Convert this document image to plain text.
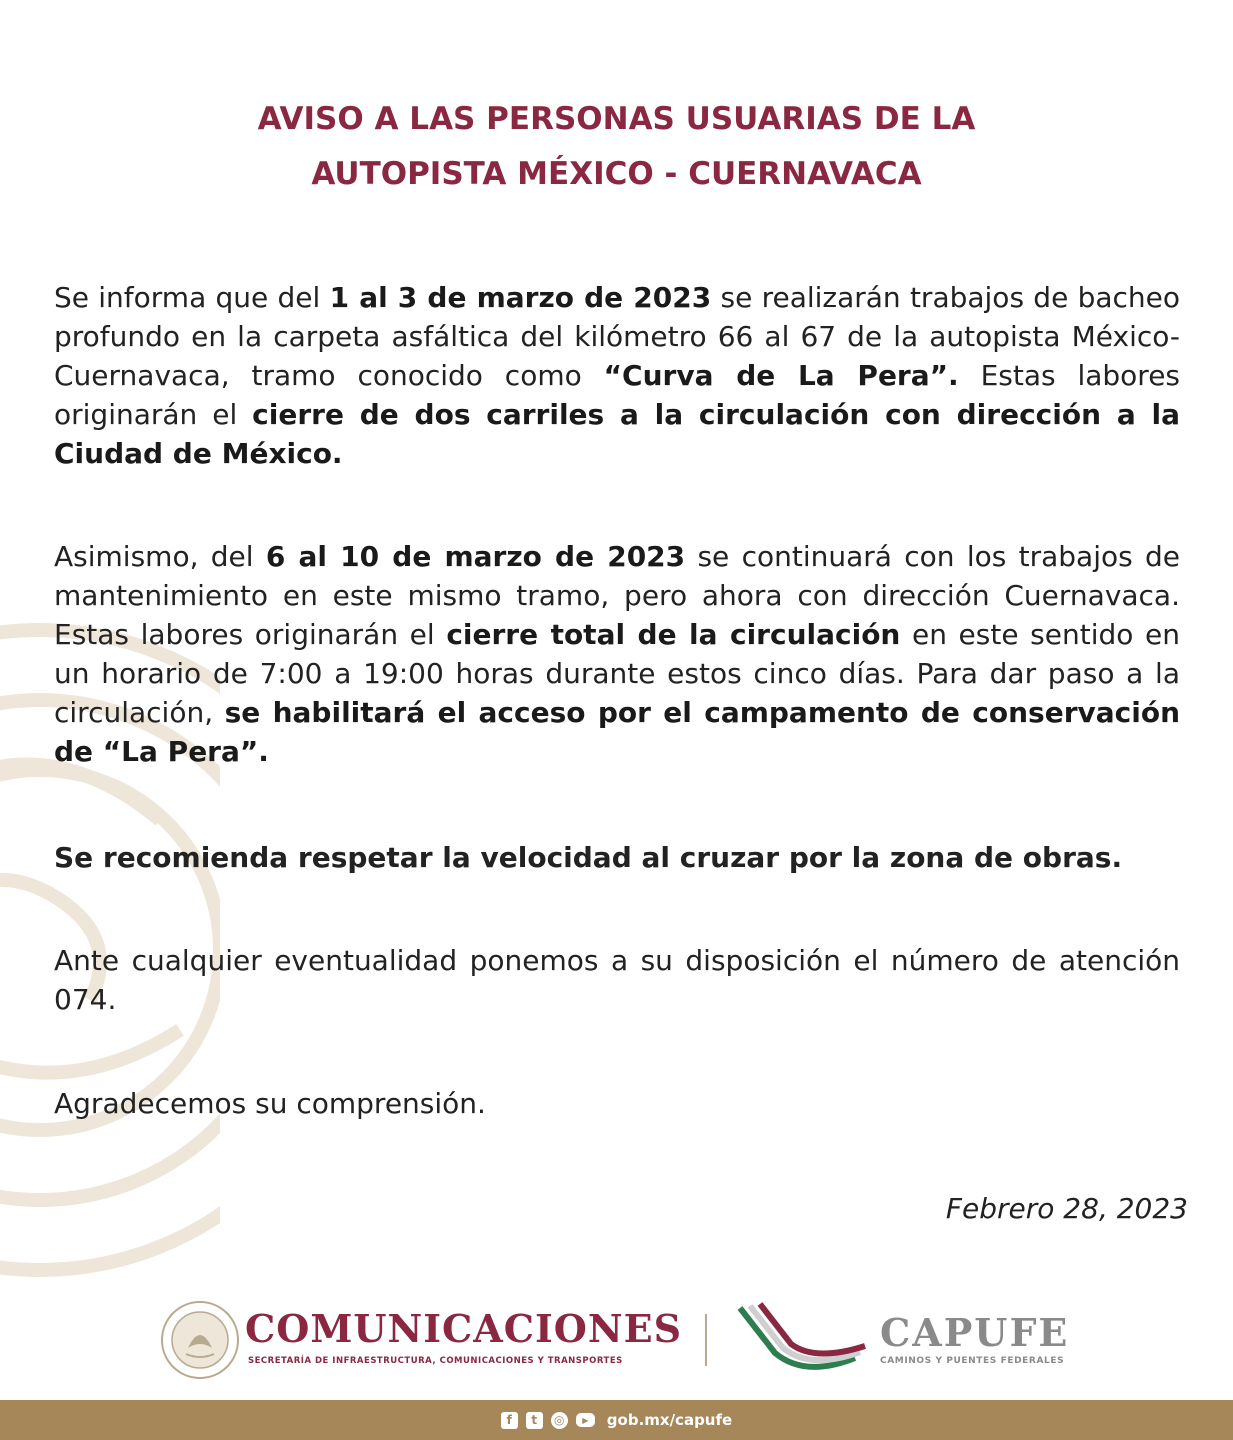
AVISO A LAS PERSONAS USUARIAS DE LA
AUTOPISTA MÉXICO - CUERNAVACA

Se informa que del 1 al 3 de marzo de 2023 se realizarán trabajos de bacheo profundo en la carpeta asfáltica del kilómetro 66 al 67 de la autopista México-Cuernavaca, tramo conocido como “Curva de La Pera”. Estas labores originarán el cierre de dos carriles a la circulación con dirección a la Ciudad de México.

Asimismo, del 6 al 10 de marzo de 2023 se continuará con los trabajos de mantenimiento en este mismo tramo, pero ahora con dirección Cuernavaca. Estas labores originarán el cierre total de la circulación en este sentido en un horario de 7:00 a 19:00 horas durante estos cinco días. Para dar paso a la circulación, se habilitará el acceso por el campamento de conservación de “La Pera”.

Se recomienda respetar la velocidad al cruzar por la zona de obras.

Ante cualquier eventualidad ponemos a su disposición el número de atención 074.

Agradecemos su comprensión.

Febrero 28, 2023
COMUNICACIONES
SECRETARÍA DE INFRAESTRUCTURA, COMUNICACIONES Y TRANSPORTES
CAPUFE
CAMINOS Y PUENTES FEDERALES
f	t	◎	▶	gob.mx/capufe
